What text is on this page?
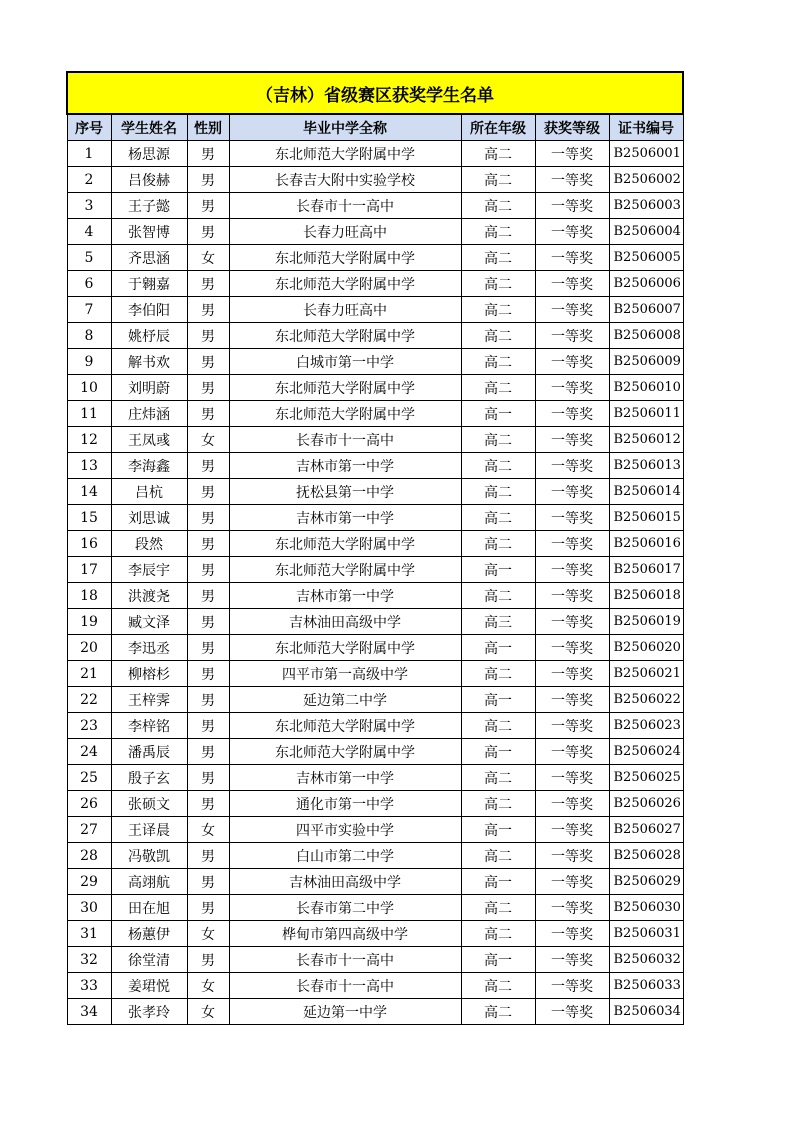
（吉林）省级赛区获奖学生名单						
序号	学生姓名	性别	毕业中学全称	所在年级	获奖等级	证书编号
1	杨思源	男	东北师范大学附属中学	高二	一等奖	B2506001
2	吕俊赫	男	长春吉大附中实验学校	高二	一等奖	B2506002
3	王子懿	男	长春市十一高中	高二	一等奖	B2506003
4	张智博	男	长春力旺高中	高二	一等奖	B2506004
5	齐思涵	女	东北师范大学附属中学	高二	一等奖	B2506005
6	于翱嘉	男	东北师范大学附属中学	高二	一等奖	B2506006
7	李伯阳	男	长春力旺高中	高二	一等奖	B2506007
8	姚杼辰	男	东北师范大学附属中学	高二	一等奖	B2506008
9	解书欢	男	白城市第一中学	高二	一等奖	B2506009
10	刘明蔚	男	东北师范大学附属中学	高二	一等奖	B2506010
11	庄炜涵	男	东北师范大学附属中学	高一	一等奖	B2506011
12	王凤彧	女	长春市十一高中	高二	一等奖	B2506012
13	李海鑫	男	吉林市第一中学	高二	一等奖	B2506013
14	吕杭	男	抚松县第一中学	高二	一等奖	B2506014
15	刘思诚	男	吉林市第一中学	高二	一等奖	B2506015
16	段然	男	东北师范大学附属中学	高二	一等奖	B2506016
17	李辰宇	男	东北师范大学附属中学	高一	一等奖	B2506017
18	洪渡尧	男	吉林市第一中学	高二	一等奖	B2506018
19	臧文泽	男	吉林油田高级中学	高三	一等奖	B2506019
20	李迅丞	男	东北师范大学附属中学	高一	一等奖	B2506020
21	柳榕杉	男	四平市第一高级中学	高二	一等奖	B2506021
22	王梓霁	男	延边第二中学	高一	一等奖	B2506022
23	李梓铭	男	东北师范大学附属中学	高二	一等奖	B2506023
24	潘禹辰	男	东北师范大学附属中学	高一	一等奖	B2506024
25	殷子玄	男	吉林市第一中学	高二	一等奖	B2506025
26	张硕文	男	通化市第一中学	高二	一等奖	B2506026
27	王译晨	女	四平市实验中学	高一	一等奖	B2506027
28	冯敬凯	男	白山市第二中学	高二	一等奖	B2506028
29	高翊航	男	吉林油田高级中学	高一	一等奖	B2506029
30	田在旭	男	长春市第二中学	高二	一等奖	B2506030
31	杨蕙伊	女	桦甸市第四高级中学	高二	一等奖	B2506031
32	徐堂清	男	长春市十一高中	高一	一等奖	B2506032
33	姜珺悦	女	长春市十一高中	高二	一等奖	B2506033
34	张孝玲	女	延边第一中学	高二	一等奖	B2506034
